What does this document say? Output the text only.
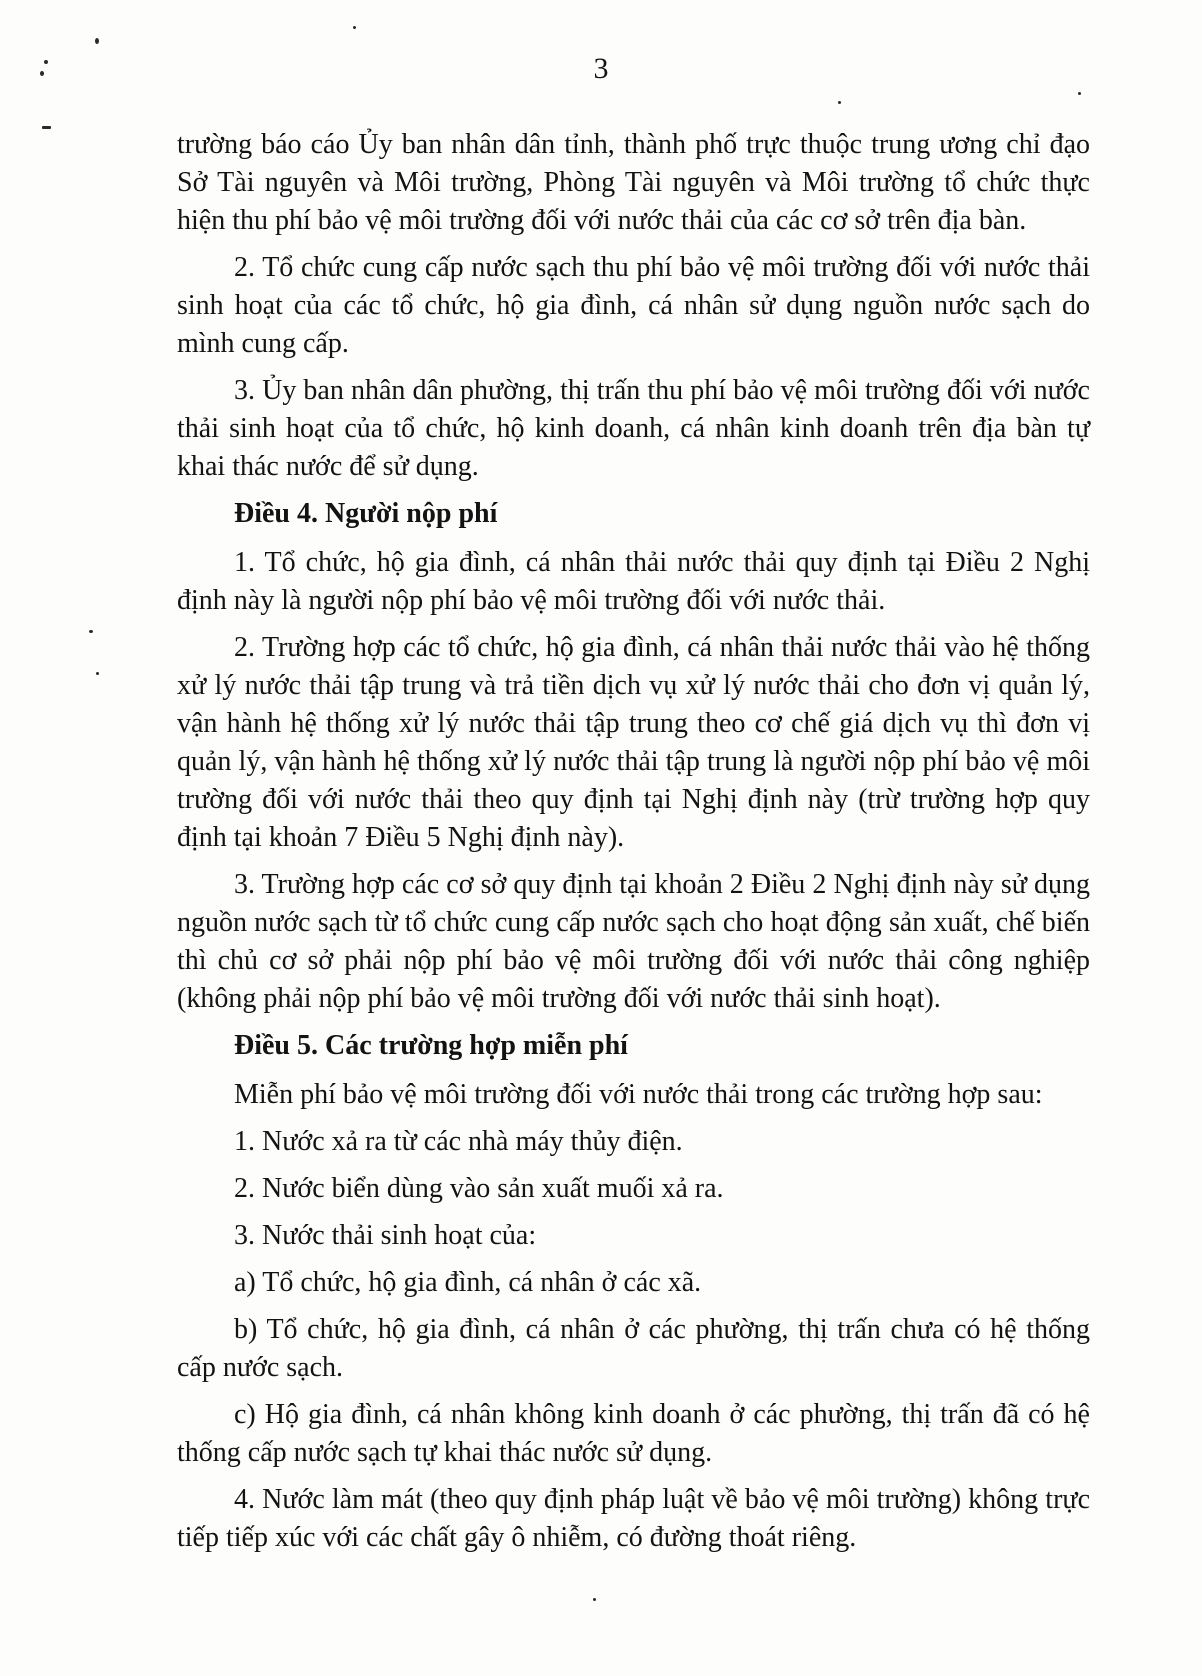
3

trường báo cáo Ủy ban nhân dân tỉnh, thành phố trực thuộc trung ương chỉ đạo Sở Tài nguyên và Môi trường, Phòng Tài nguyên và Môi trường tổ chức thực hiện thu phí bảo vệ môi trường đối với nước thải của các cơ sở trên địa bàn.

2. Tổ chức cung cấp nước sạch thu phí bảo vệ môi trường đối với nước thải sinh hoạt của các tổ chức, hộ gia đình, cá nhân sử dụng nguồn nước sạch do mình cung cấp.

3. Ủy ban nhân dân phường, thị trấn thu phí bảo vệ môi trường đối với nước thải sinh hoạt của tổ chức, hộ kinh doanh, cá nhân kinh doanh trên địa bàn tự khai thác nước để sử dụng.

Điều 4. Người nộp phí

1. Tổ chức, hộ gia đình, cá nhân thải nước thải quy định tại Điều 2 Nghị định này là người nộp phí bảo vệ môi trường đối với nước thải.

2. Trường hợp các tổ chức, hộ gia đình, cá nhân thải nước thải vào hệ thống xử lý nước thải tập trung và trả tiền dịch vụ xử lý nước thải cho đơn vị quản lý, vận hành hệ thống xử lý nước thải tập trung theo cơ chế giá dịch vụ thì đơn vị quản lý, vận hành hệ thống xử lý nước thải tập trung là người nộp phí bảo vệ môi trường đối với nước thải theo quy định tại Nghị định này (trừ trường hợp quy định tại khoản 7 Điều 5 Nghị định này).

3. Trường hợp các cơ sở quy định tại khoản 2 Điều 2 Nghị định này sử dụng nguồn nước sạch từ tổ chức cung cấp nước sạch cho hoạt động sản xuất, chế biến thì chủ cơ sở phải nộp phí bảo vệ môi trường đối với nước thải công nghiệp (không phải nộp phí bảo vệ môi trường đối với nước thải sinh hoạt).

Điều 5. Các trường hợp miễn phí

Miễn phí bảo vệ môi trường đối với nước thải trong các trường hợp sau:

1. Nước xả ra từ các nhà máy thủy điện.

2. Nước biển dùng vào sản xuất muối xả ra.

3. Nước thải sinh hoạt của:

a) Tổ chức, hộ gia đình, cá nhân ở các xã.

b) Tổ chức, hộ gia đình, cá nhân ở các phường, thị trấn chưa có hệ thống cấp nước sạch.

c) Hộ gia đình, cá nhân không kinh doanh ở các phường, thị trấn đã có hệ thống cấp nước sạch tự khai thác nước sử dụng.

4. Nước làm mát (theo quy định pháp luật về bảo vệ môi trường) không trực tiếp tiếp xúc với các chất gây ô nhiễm, có đường thoát riêng.
